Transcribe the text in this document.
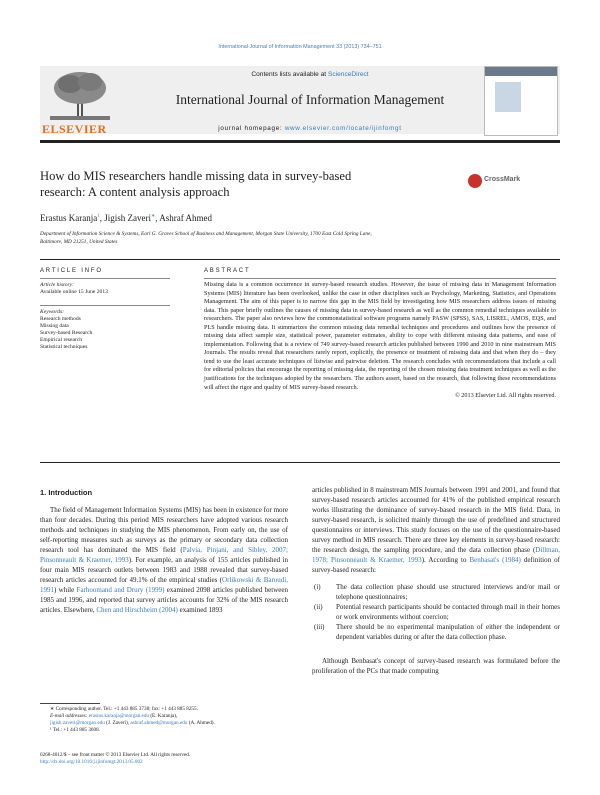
International Journal of Information Management 33 (2013) 734–751
ELSEVIER
Contents lists available at ScienceDirect
International Journal of Information Management
journal homepage: www.elsevier.com/locate/ijinfomgt
How do MIS researchers handle missing data in survey-based
research: A content analysis approach
CrossMark
Erastus Karanja$^1$, Jigish Zaveri∗, Ashraf Ahmed
Department of Information Science & Systems, Earl G. Graves School of Business and Management, Morgan State University, 1700 East Cold Spring Lane,
Baltimore, MD 21251, United States
ARTICLE INFO	ABSTRACT
Article history:
Available online 15 June 2013
Keywords:
Research methods
Missing data
Survey-based Research
Empirical research
Statistical techniques
Missing data is a common occurrence in survey-based research studies. However, the issue of missing data in Management Information Systems (MIS) literature has been overlooked, unlike the case in other disciplines such as Psychology, Marketing, Statistics, and Operations Management. The aim of this paper is to narrow this gap in the MIS field by investigating how MIS researchers address issues of missing data. This paper briefly outlines the causes of missing data in survey-based research as well as the common remedial techniques available to researchers. The paper also reviews how the commonstatistical software programs namely PASW (SPSS), SAS, LISREL, AMOS, EQS, and PLS handle missing data. It summarizes the common missing data remedial techniques and procedures and outlines how the presence of missing data affect sample size, statistical power, parameter estimates, ability to cope with different missing data patterns, and ease of implementation. Following that is a review of 749 survey-based research articles published between 1990 and 2010 in nine mainstream MIS Journals. The results reveal that researchers rarely report, explicitly, the presence or treatment of missing data and that when they do – they tend to use the least accurate techniques of listwise and pairwise deletion. The research concludes with recommendations that include a call for editorial policies that encourage the reporting of missing data, the reporting of the chosen missing data treatment techniques as well as the justifications for the techniques adopted by the researchers. The authors assert, based on the research, that following these recommendations will affect the rigor and quality of MIS survey-based research.
© 2013 Elsevier Ltd. All rights reserved.
1. Introduction
The field of Management Information Systems (MIS) has been in existence for more than four decades. During this period MIS researchers have adopted various research methods and techniques in studying the MIS phenomenon. From early on, the use of self-reporting measures such as surveys as the primary or secondary data collection research tool has dominated the MIS field (Palvia, Pinjani, and Sibley, 2007; Pinsonneault & Kraemer, 1993). For example, an analysis of 155 articles published in four main MIS research outlets between 1983 and 1988 revealed that survey-based research articles accounted for 49.1% of the empirical studies (Orlikowski & Baroudi, 1991) while Farhoomand and Drury (1999) examined 2098 articles published between 1985 and 1996, and reported that survey articles accounts for 32% of the MIS research articles. Elsewhere, Chen and Hirschheim (2004) examined 1893
articles published in 8 mainstream MIS Journals between 1991 and 2001, and found that survey-based research articles accounted for 41% of the published empirical research works illustrating the dominance of survey-based research in the MIS field. Data, in survey-based research, is solicited mainly through the use of predefined and structured questionnaires or interviews. This study focuses on the use of the questionnaire-based survey method in MIS research. There are three key elements in survey-based research: the research design, the sampling procedure, and the data collection phase (Dillman, 1978; Pinsonneault & Kraemer, 1993). According to Benbasat's (1984) definition of survey-based research:
(i) The data collection phase should use structured interviews and/or mail or telephone questionnaires;
(ii) Potential research participants should be contacted through mail in their homes or work environments without coercion;
(iii) There should be no experimental manipulation of either the independent or dependent variables during or after the data collection phase.
Although Benbasat's concept of survey-based research was formulated before the proliferation of the PCs that made computing
∗ Corresponding author. Tel.: +1 443 885 3738; fax: +1 443 885 8255.
E-mail addresses: erastus.karanja@morgan.edu (E. Karanja),
jigish.zaveri@morgan.edu (J. Zaveri), ashraf.ahmed@morgan.edu (A. Ahmed).
¹ Tel.: +1 443 885 3608.
0268-4012/$ – see front matter © 2013 Elsevier Ltd. All rights reserved.
http://dx.doi.org/10.1016/j.ijinfomgt.2013.05.002
